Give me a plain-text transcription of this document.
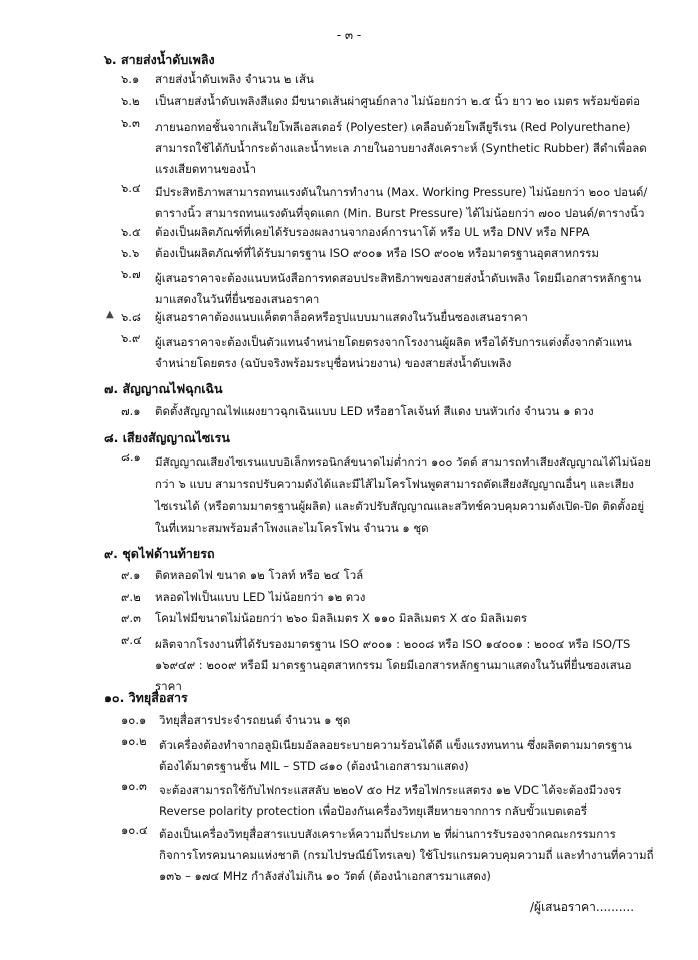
- ๓ -
๖. สายส่งน้ำดับเพลิง
๖.๑ สายส่งน้ำดับเพลิง จำนวน ๒ เส้น
๖.๒ เป็นสายส่งน้ำดับเพลิงสีแดง มีขนาดเส้นผ่าศูนย์กลาง ไม่น้อยกว่า ๒.๕ นิ้ว ยาว ๒๐ เมตร พร้อมข้อต่อ
๖.๓ ภายนอกทอชั้นจากเส้นใยโพลีเอสเตอร์ (Polyester) เคลือบด้วยโพลียูรีเรน (Red Polyurethane)
สามารถใช้ได้กับน้ำกระด้างและน้ำทะเล ภายในอาบยางสังเคราะห์ (Synthetic Rubber) สีดำเพื่อลด
แรงเสียดทานของน้ำ
๖.๔ มีประสิทธิภาพสามารถทนแรงดันในการทำงาน (Max. Working Pressure) ไม่น้อยกว่า ๒๐๐ ปอนด์/
ตารางนิ้ว สามารถทนแรงดันที่จุดแตก (Min. Burst Pressure) ได้ไม่น้อยกว่า ๗๐๐ ปอนด์/ตารางนิ้ว
๖.๕ ต้องเป็นผลิตภัณฑ์ที่เคยได้รับรองผลงานจากองค์การนาโต้ หรือ UL หรือ DNV หรือ NFPA
๖.๖ ต้องเป็นผลิตภัณฑ์ที่ได้รับมาตรฐาน ISO ๙๐๐๑ หรือ ISO ๙๐๐๒ หรือมาตรฐานอุตสาหกรรม
๖.๗ ผู้เสนอราคาจะต้องแนบหนังสือการทดสอบประสิทธิภาพของสายส่งน้ำดับเพลิง โดยมีเอกสารหลักฐาน
มาแสดงในวันที่ยื่นซองเสนอราคา
▲ ๖.๘ ผู้เสนอราคาต้องแนบแค็ตตาล็อคหรือรูปแบบมาแสดงในวันยื่นซองเสนอราคา
๖.๙ ผู้เสนอราคาจะต้องเป็นตัวแทนจำหน่ายโดยตรงจากโรงงานผู้ผลิต หรือได้รับการแต่งตั้งจากตัวแทน
จำหน่ายโดยตรง (ฉบับจริงพร้อมระบุชื่อหน่วยงาน) ของสายส่งน้ำดับเพลิง
๗. สัญญาณไฟฉุกเฉิน
๗.๑ ติดตั้งสัญญาณไฟแผงยาวฉุกเฉินแบบ LED หรือฮาโลเจ้นท์ สีแดง บนหัวเก๋ง จำนวน ๑ ดวง
๘. เสียงสัญญาณไซเรน
๘.๑ มีสัญญาณเสียงไซเรนแบบอิเล็กทรอนิกส์ขนาดไม่ต่ำกว่า ๑๐๐ วัตต์ สามารถทำเสียงสัญญาณได้ไม่น้อย
กว่า ๖ แบบ สามารถปรับความดังได้และมีไส้ไมโครโฟนพูดสามารถตัดเสียงสัญญาณอื่นๆ และเสียง
ไซเรนได้ (หรือตามมาตรฐานผู้ผลิต) และตัวปรับสัญญาณและสวิทช์ควบคุมความดังเปิด-ปิด ติดตั้งอยู่
ในที่เหมาะสมพร้อมลำโพงและไมโครโฟน จำนวน ๑ ชุด
๙. ชุดไฟด้านท้ายรถ
๙.๑ ติดหลอดไฟ ขนาด ๑๒ โวลท์ หรือ ๒๔ โวล์
๙.๒ หลอดไฟเป็นแบบ LED ไม่น้อยกว่า ๑๒ ดวง
๙.๓ โคมไฟมีขนาดไม่น้อยกว่า ๒๖๐ มิลลิเมตร X ๑๑๐ มิลลิเมตร X ๕๐ มิลลิเมตร
๙.๔ ผลิตจากโรงงานที่ได้รับรองมาตรฐาน ISO ๙๐๐๑ : ๒๐๐๘ หรือ ISO ๑๔๐๐๑ : ๒๐๐๔ หรือ ISO/TS
๑๖๙๔๙ : ๒๐๐๙ หรือมี มาตรฐานอุตสาหกรรม โดยมีเอกสารหลักฐานมาแสดงในวันที่ยื่นซองเสนอ
ราคา
๑๐. วิทยุสื่อสาร
๑๐.๑ วิทยุสื่อสารประจำรถยนต์ จำนวน ๑ ชุด
๑๐.๒ ตัวเครื่องต้องทำจากอลูมิเนียมอัลลอยระบายความร้อนได้ดี แข็งแรงทนทาน ซึ่งผลิตตามมาตรฐาน
ต้องได้มาตรฐานชั้น MIL – STD ๘๑๐ (ต้องนำเอกสารมาแสดง)
๑๐.๓ จะต้องสามารถใช้กับไฟกระแสสลับ ๒๒๐V ๕๐ Hz หรือไฟกระแสตรง ๑๒ VDC ได้จะต้องมีวงจร
Reverse polarity protection เพื่อป้องกันเครื่องวิทยุเสียหายจากการ กลับขั้วแบตเตอรี่
๑๐.๔ ต้องเป็นเครื่องวิทยุสื่อสารแบบสังเคราะห์ความถี่ประเภท ๒ ที่ผ่านการรับรองจากคณะกรรมการ
กิจการโทรคมนาคมแห่งชาติ (กรมไปรษณีย์โทรเลข) ใช้โปรแกรมควบคุมความถี่ และทำงานที่ความถี่
๑๓๖ – ๑๗๔ MHz กำลังส่งไม่เกิน ๑๐ วัตต์ (ต้องนำเอกสารมาแสดง)
/ผู้เสนอราคา..........
